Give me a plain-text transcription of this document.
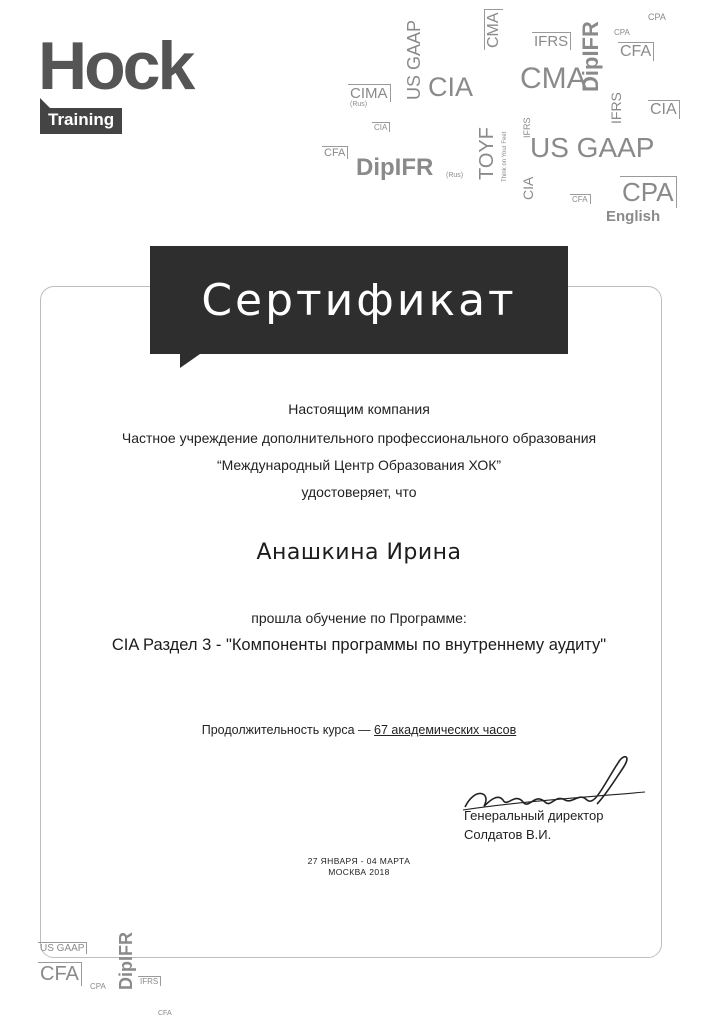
Hock
Training
CPA
CIMA
(Rus)
US GAAP CIA
CMA IFRS DipIFR CFA
CPA
CMA
CIA
IFRS
CIA
CFA
DipIFR (Rus) TOYF Think on Your Feet
IFRS
US GAAP
CIA	CFA CPA
English
Сертификат
Настоящим компания
Частное учреждение дополнительного профессионального образования
“Международный Центр Образования ХОК”
удостоверяет, что
Анашкина Ирина
прошла обучение по Программе:
CIA Раздел 3 - "Компоненты программы по внутреннему аудиту"
Продолжительность курса — 67 академических часов
Генеральный директор
Солдатов В.И.
27 ЯНВАРЯ - 04 МАРТА
МОСКВА 2018
US GAAP DipIFR
CFA
CPA
IFRS
CFA
